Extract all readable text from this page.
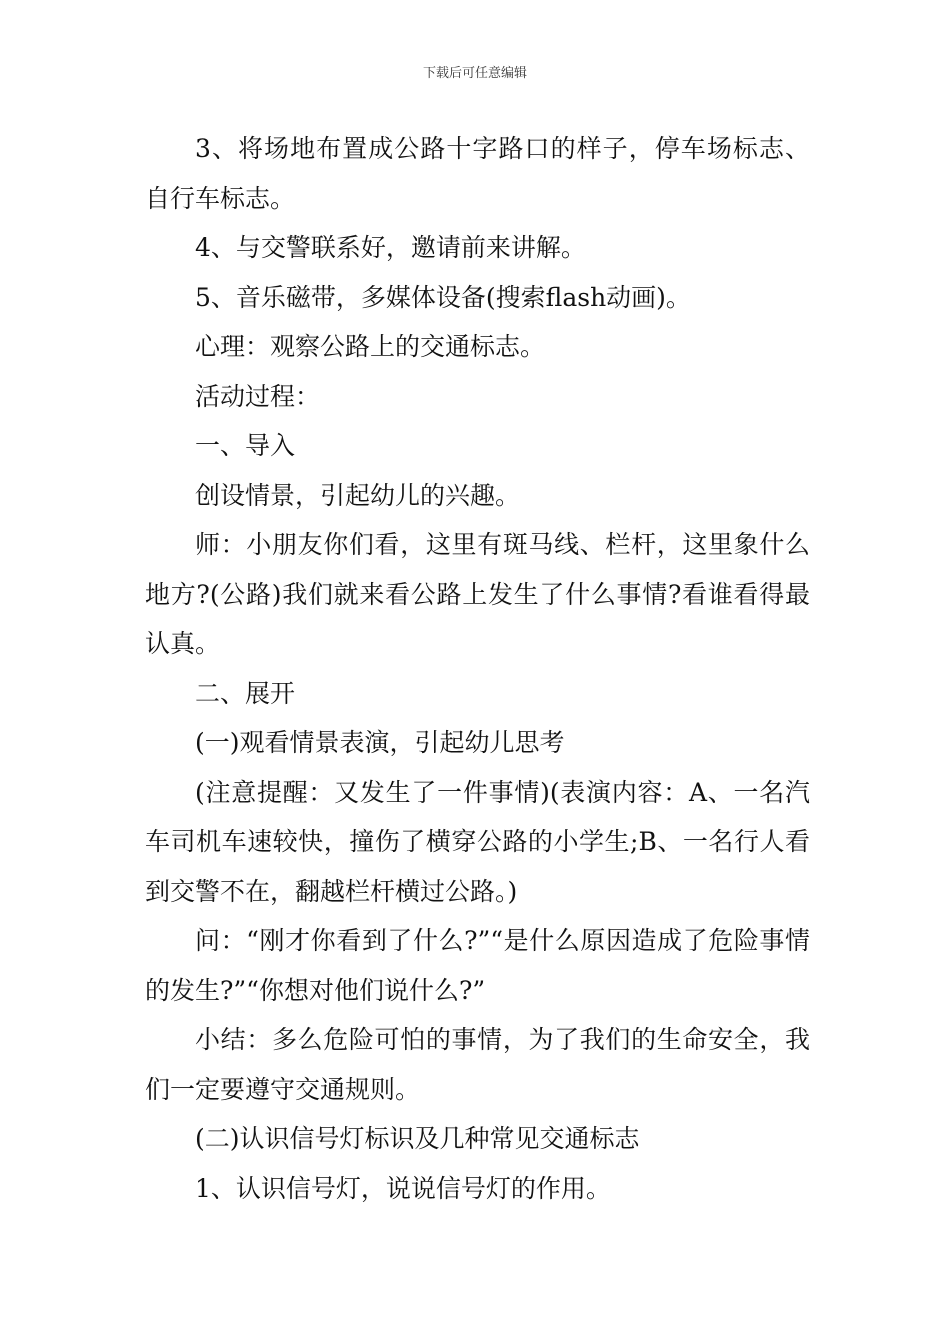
下载后可任意编辑

3、将场地布置成公路十字路口的样子，停车场标志、自行车标志。

4、与交警联系好，邀请前来讲解。

5、音乐磁带，多媒体设备(搜索flash动画)。

心理：观察公路上的交通标志。

活动过程：

一、导入

创设情景，引起幼儿的兴趣。

师：小朋友你们看，这里有斑马线、栏杆，这里象什么地方?(公路)我们就来看公路上发生了什么事情?看谁看得最认真。

二、展开

(一)观看情景表演，引起幼儿思考

(注意提醒：又发生了一件事情)(表演内容：A、一名汽车司机车速较快，撞伤了横穿公路的小学生;B、一名行人看到交警不在，翻越栏杆横过公路。)

问：“刚才你看到了什么?”“是什么原因造成了危险事情的发生?”“你想对他们说什么?”

小结：多么危险可怕的事情，为了我们的生命安全，我们一定要遵守交通规则。

(二)认识信号灯标识及几种常见交通标志

1、认识信号灯，说说信号灯的作用。
